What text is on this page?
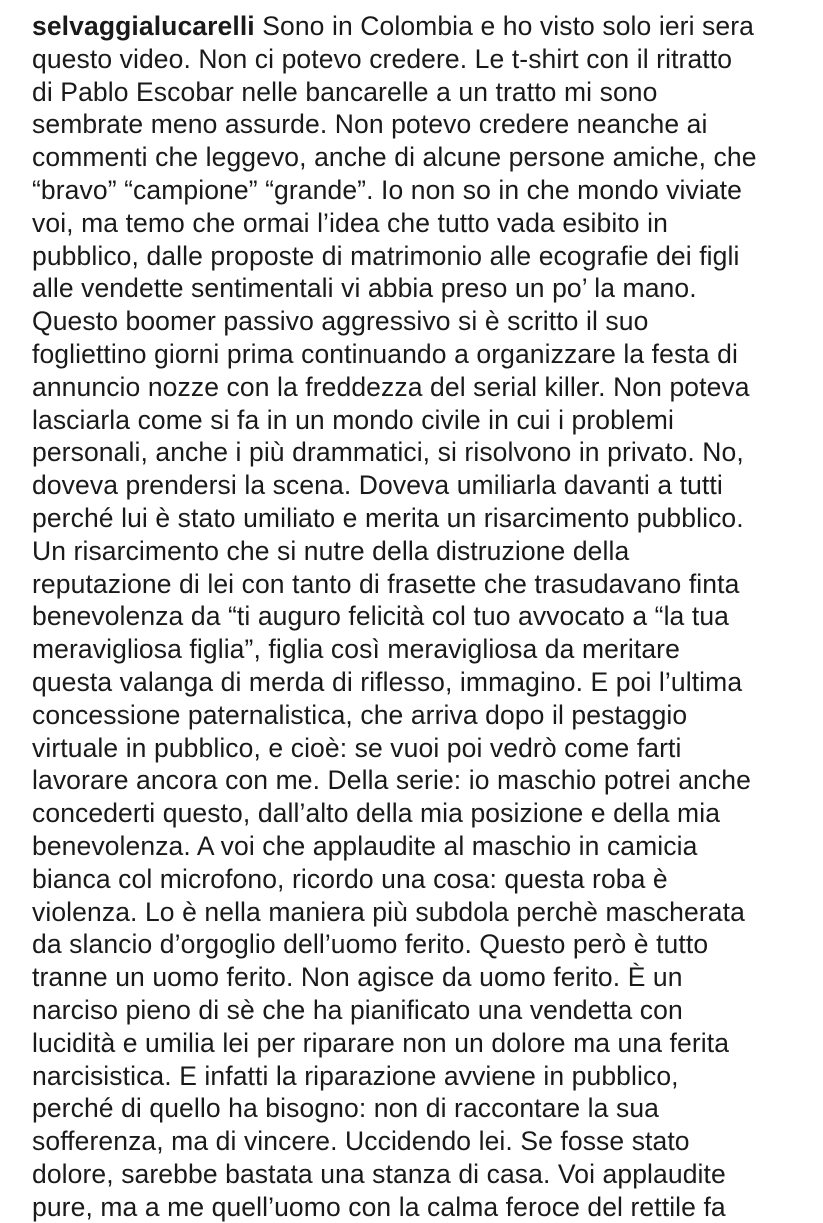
selvaggialucarelli Sono in Colombia e ho visto solo ieri sera
questo video. Non ci potevo credere. Le t-shirt con il ritratto
di Pablo Escobar nelle bancarelle a un tratto mi sono
sembrate meno assurde. Non potevo credere neanche ai
commenti che leggevo, anche di alcune persone amiche, che
“bravo” “campione” “grande”. Io non so in che mondo viviate
voi, ma temo che ormai l’idea che tutto vada esibito in
pubblico, dalle proposte di matrimonio alle ecografie dei figli
alle vendette sentimentali vi abbia preso un po’ la mano.
Questo boomer passivo aggressivo si è scritto il suo
fogliettino giorni prima continuando a organizzare la festa di
annuncio nozze con la freddezza del serial killer. Non poteva
lasciarla come si fa in un mondo civile in cui i problemi
personali, anche i più drammatici, si risolvono in privato. No,
doveva prendersi la scena. Doveva umiliarla davanti a tutti
perché lui è stato umiliato e merita un risarcimento pubblico.
Un risarcimento che si nutre della distruzione della
reputazione di lei con tanto di frasette che trasudavano finta
benevolenza da “ti auguro felicità col tuo avvocato a “la tua
meravigliosa figlia”, figlia così meravigliosa da meritare
questa valanga di merda di riflesso, immagino. E poi l’ultima
concessione paternalistica, che arriva dopo il pestaggio
virtuale in pubblico, e cioè: se vuoi poi vedrò come farti
lavorare ancora con me. Della serie: io maschio potrei anche
concederti questo, dall’alto della mia posizione e della mia
benevolenza. A voi che applaudite al maschio in camicia
bianca col microfono, ricordo una cosa: questa roba è
violenza. Lo è nella maniera più subdola perchè mascherata
da slancio d’orgoglio dell’uomo ferito. Questo però è tutto
tranne un uomo ferito. Non agisce da uomo ferito. È un
narciso pieno di sè che ha pianificato una vendetta con
lucidità e umilia lei per riparare non un dolore ma una ferita
narcisistica. E infatti la riparazione avviene in pubblico,
perché di quello ha bisogno: non di raccontare la sua
sofferenza, ma di vincere. Uccidendo lei. Se fosse stato
dolore, sarebbe bastata una stanza di casa. Voi applaudite
pure, ma a me quell’uomo con la calma feroce del rettile fa
